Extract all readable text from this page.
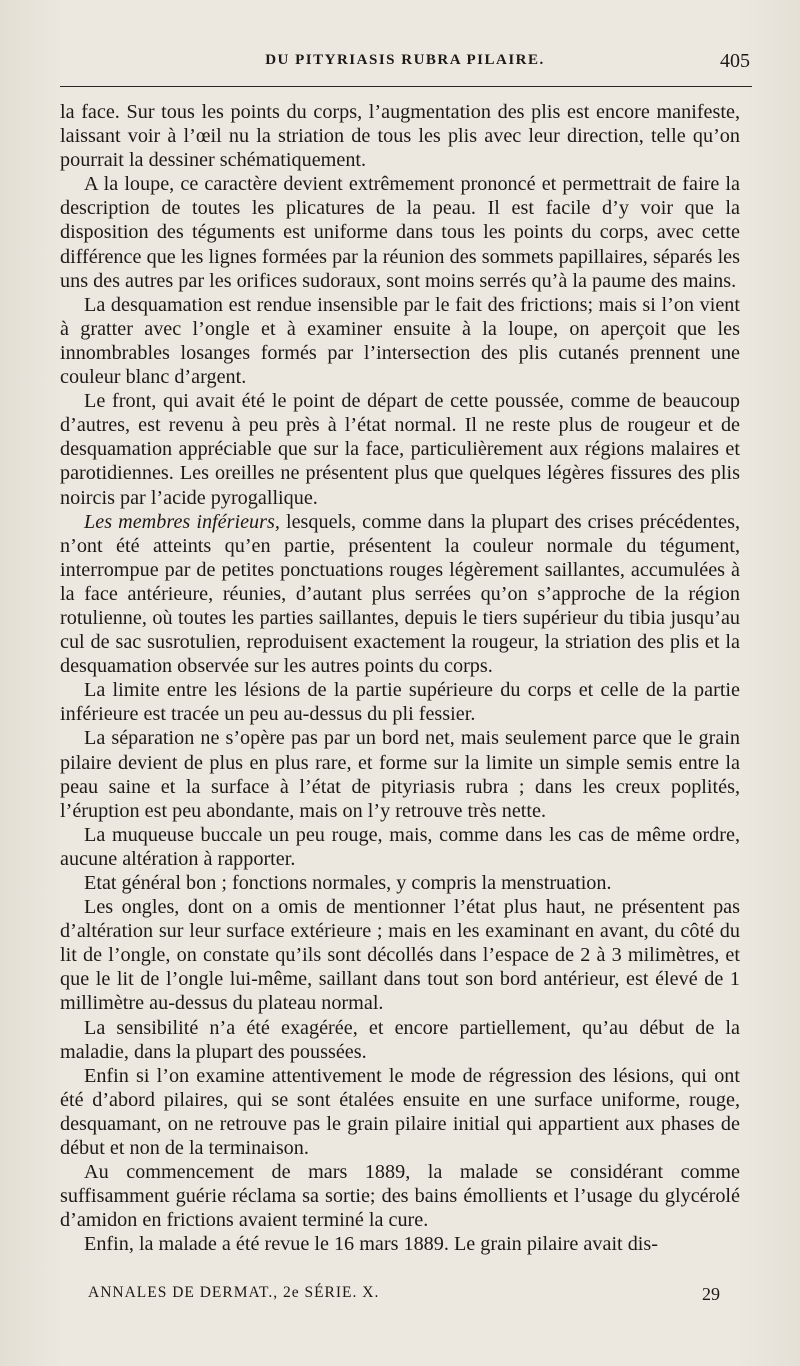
DU PITYRIASIS RUBRA PILAIRE.	405

la face. Sur tous les points du corps, l’augmentation des plis est encore manifeste, laissant voir à l’œil nu la striation de tous les plis avec leur direction, telle qu’on pourrait la dessiner schématiquement.

A la loupe, ce caractère devient extrêmement prononcé et permettrait de faire la description de toutes les plicatures de la peau. Il est facile d’y voir que la disposition des téguments est uniforme dans tous les points du corps, avec cette différence que les lignes formées par la réunion des sommets papillaires, séparés les uns des autres par les orifices sudoraux, sont moins serrés qu’à la paume des mains.

La desquamation est rendue insensible par le fait des frictions; mais si l’on vient à gratter avec l’ongle et à examiner ensuite à la loupe, on aperçoit que les innombrables losanges formés par l’intersection des plis cutanés prennent une couleur blanc d’argent.

Le front, qui avait été le point de départ de cette poussée, comme de beaucoup d’autres, est revenu à peu près à l’état normal. Il ne reste plus de rougeur et de desquamation appréciable que sur la face, particulièrement aux régions malaires et parotidiennes. Les oreilles ne présentent plus que quelques légères fissures des plis noircis par l’acide pyrogallique.

Les membres inférieurs, lesquels, comme dans la plupart des crises précédentes, n’ont été atteints qu’en partie, présentent la couleur normale du tégument, interrompue par de petites ponctuations rouges légèrement saillantes, accumulées à la face antérieure, réunies, d’autant plus serrées qu’on s’approche de la région rotulienne, où toutes les parties saillantes, depuis le tiers supérieur du tibia jusqu’au cul de sac susrotulien, reproduisent exactement la rougeur, la striation des plis et la desquamation observée sur les autres points du corps.

La limite entre les lésions de la partie supérieure du corps et celle de la partie inférieure est tracée un peu au-dessus du pli fessier.

La séparation ne s’opère pas par un bord net, mais seulement parce que le grain pilaire devient de plus en plus rare, et forme sur la limite un simple semis entre la peau saine et la surface à l’état de pityriasis rubra ; dans les creux poplités, l’éruption est peu abondante, mais on l’y retrouve très nette.

La muqueuse buccale un peu rouge, mais, comme dans les cas de même ordre, aucune altération à rapporter.

Etat général bon ; fonctions normales, y compris la menstruation.

Les ongles, dont on a omis de mentionner l’état plus haut, ne présentent pas d’altération sur leur surface extérieure ; mais en les examinant en avant, du côté du lit de l’ongle, on constate qu’ils sont décollés dans l’espace de 2 à 3 milimètres, et que le lit de l’ongle lui-même, saillant dans tout son bord antérieur, est élevé de 1 millimètre au-dessus du plateau normal.

La sensibilité n’a été exagérée, et encore partiellement, qu’au début de la maladie, dans la plupart des poussées.

Enfin si l’on examine attentivement le mode de régression des lésions, qui ont été d’abord pilaires, qui se sont étalées ensuite en une surface uniforme, rouge, desquamant, on ne retrouve pas le grain pilaire initial qui appartient aux phases de début et non de la terminaison.

Au commencement de mars 1889, la malade se considérant comme suffisamment guérie réclama sa sortie; des bains émollients et l’usage du glycérolé d’amidon en frictions avaient terminé la cure.

Enfin, la malade a été revue le 16 mars 1889. Le grain pilaire avait dis-

ANNALES DE DERMAT., 2e SÉRIE. X.	29
